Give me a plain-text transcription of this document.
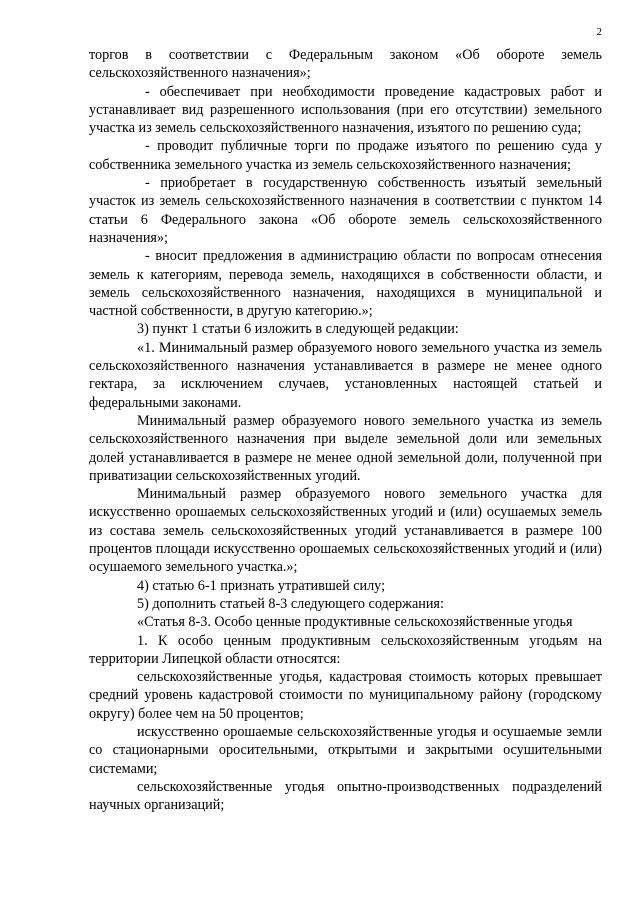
2

торгов в соответствии с Федеральным законом «Об обороте земель сельскохозяйственного назначения»;

- обеспечивает при необходимости проведение кадастровых работ и устанавливает вид разрешенного использования (при его отсутствии) земельного участка из земель сельскохозяйственного назначения, изъятого по решению суда;

- проводит публичные торги по продаже изъятого по решению суда у собственника земельного участка из земель сельскохозяйственного назначения;

- приобретает в государственную собственность изъятый земельный участок из земель сельскохозяйственного назначения в соответствии с пунктом 14 статьи 6 Федерального закона «Об обороте земель сельскохозяйственного назначения»;

- вносит предложения в администрацию области по вопросам отнесения земель к категориям, перевода земель, находящихся в собственности области, и земель сельскохозяйственного назначения, находящихся в муниципальной и частной собственности, в другую категорию.»;

3) пункт 1 статьи 6 изложить в следующей редакции:

«1. Минимальный размер образуемого нового земельного участка из земель сельскохозяйственного назначения устанавливается в размере не менее одного гектара, за исключением случаев, установленных настоящей статьей и федеральными законами.

Минимальный размер образуемого нового земельного участка из земель сельскохозяйственного назначения при выделе земельной доли или земельных долей устанавливается в размере не менее одной земельной доли, полученной при приватизации сельскохозяйственных угодий.

Минимальный размер образуемого нового земельного участка для искусственно орошаемых сельскохозяйственных угодий и (или) осушаемых земель из состава земель сельскохозяйственных угодий устанавливается в размере 100 процентов площади искусственно орошаемых сельскохозяйственных угодий и (или) осушаемого земельного участка.»;

4) статью 6-1 признать утратившей силу;

5) дополнить статьей 8-3 следующего содержания:

«Статья 8-3. Особо ценные продуктивные сельскохозяйственные угодья

1. К особо ценным продуктивным сельскохозяйственным угодьям на территории Липецкой области относятся:

сельскохозяйственные угодья, кадастровая стоимость которых превышает средний уровень кадастровой стоимости по муниципальному району (городскому округу) более чем на 50 процентов;

искусственно орошаемые сельскохозяйственные угодья и осушаемые земли со стационарными оросительными, открытыми и закрытыми осушительными системами;

сельскохозяйственные угодья опытно-производственных подразделений научных организаций;
